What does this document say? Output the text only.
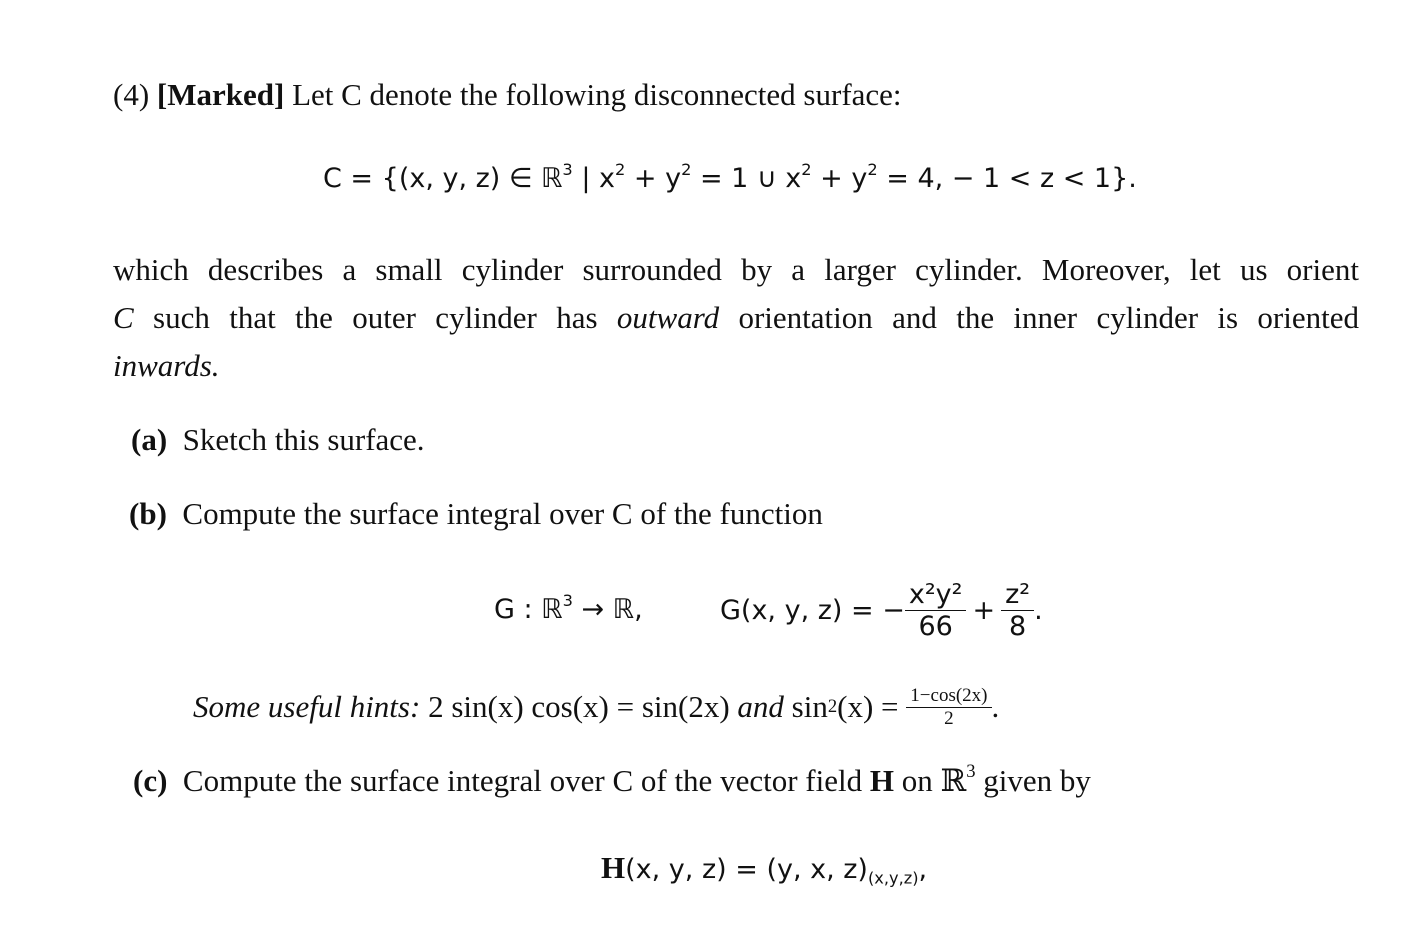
(4) [Marked] Let C denote the following disconnected surface:
C = {(x, y, z) ∈ ℝ$^3$ | $x^2 + y^2 = 1$ ∪ $x^2 + y^2 = 4$, − 1 < z < 1}.
which describes a small cylinder surrounded by a larger cylinder. Moreover, let us orient
C such that the outer cylinder has outward orientation and the inner cylinder is oriented
inwards.
(a) Sketch this surface.
(b) Compute the surface integral over C of the function
G : ℝ$^3$ → ℝ,	G(x, y, z) = − $\frac{\text{x²y²}}{66} + \frac{\text{z²}}{8}$ .
Some useful hints:
2 sin(x) cos(x) = sin(2x)
and
sin 2 (x) =
$\frac{1-\cos(2x)}{2}$ .
(c) Compute the surface integral over C of the vector field H on ℝ$^3$ given by
H(x, y, z) = (y, x, $z)_{(x,y,z)}$,
